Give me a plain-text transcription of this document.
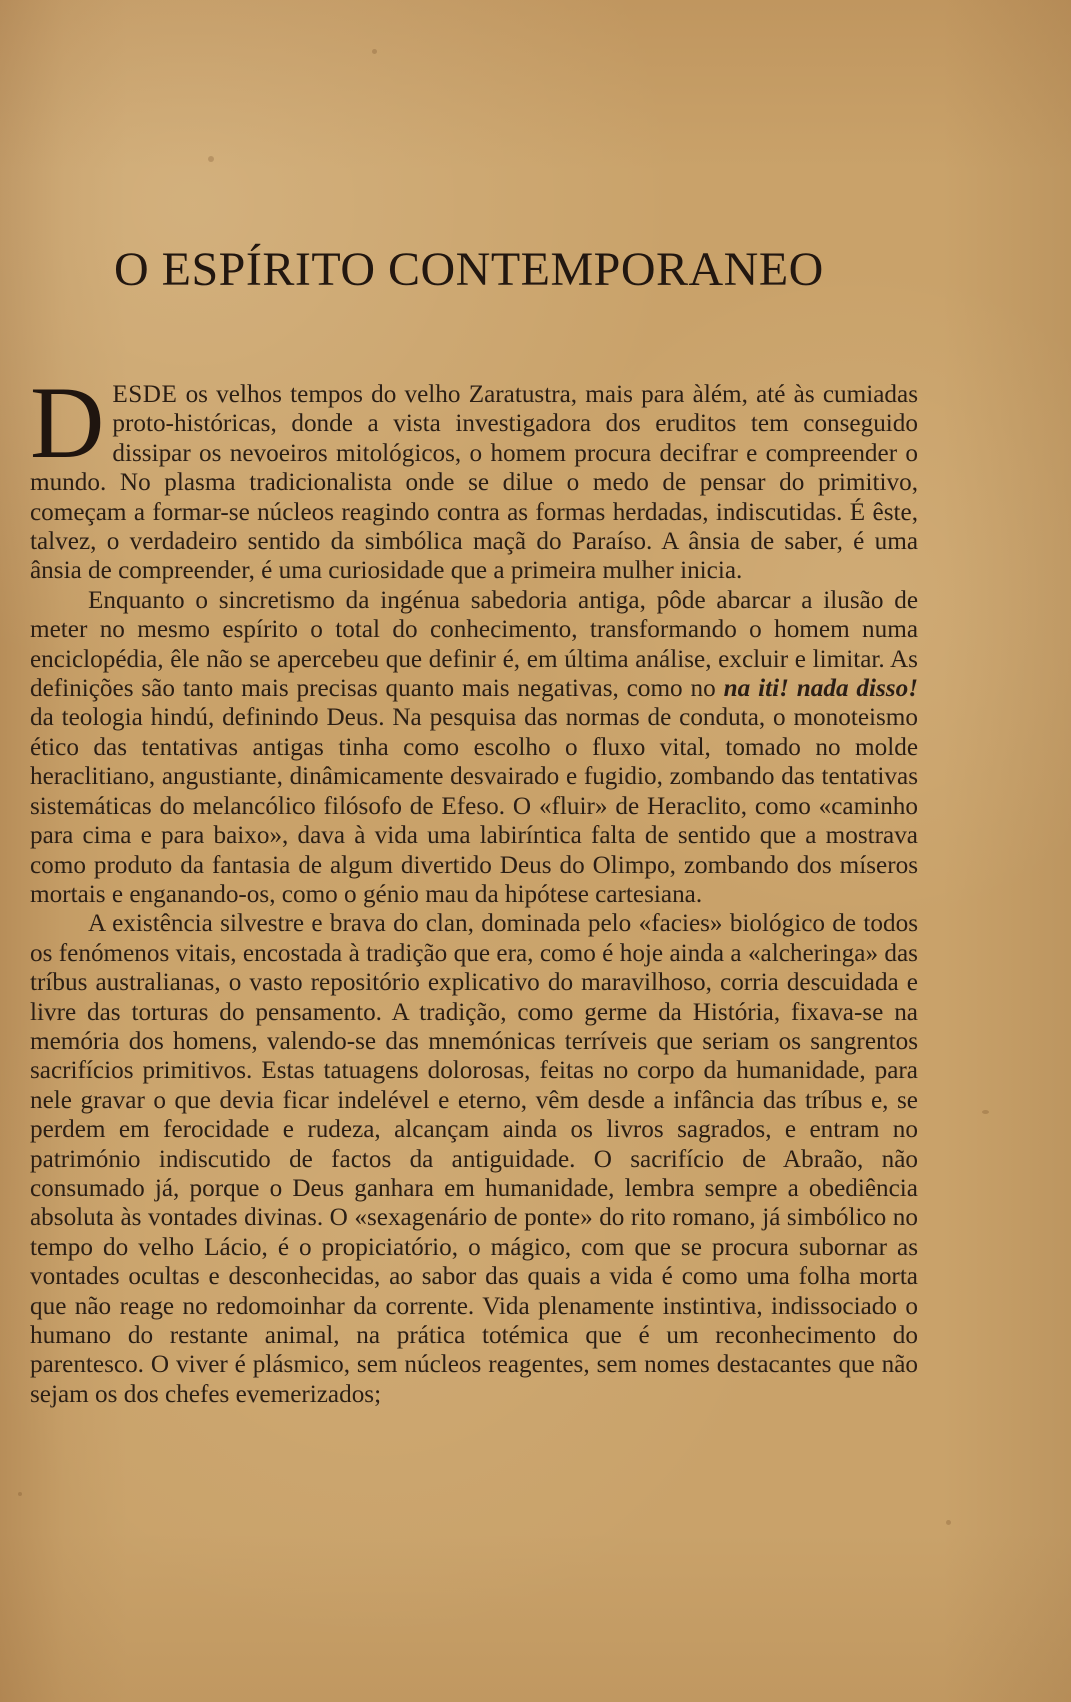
O ESPÍRITO CONTEMPORANEO

DESDE os velhos tempos do velho Zaratustra, mais para àlém, até às cumiadas proto-históricas, donde a vista investigadora dos eruditos tem conseguido dissipar os nevoeiros mitológicos, o homem procura decifrar e compreender o mundo. No plasma tradicionalista onde se dilue o medo de pensar do primitivo, começam a formar-se núcleos reagindo contra as formas herdadas, indiscutidas. É êste, talvez, o verdadeiro sentido da simbólica maçã do Paraíso. A ânsia de saber, é uma ânsia de compreender, é uma curiosidade que a primeira mulher inicia.

Enquanto o sincretismo da ingénua sabedoria antiga, pôde abarcar a ilusão de meter no mesmo espírito o total do conhecimento, transformando o homem numa enciclopédia, êle não se apercebeu que definir é, em última análise, excluir e limitar. As definições são tanto mais precisas quanto mais negativas, como no na iti! nada disso! da teologia hindú, definindo Deus. Na pesquisa das normas de conduta, o monoteismo ético das tentativas antigas tinha como escolho o fluxo vital, tomado no molde heraclitiano, angustiante, dinâmicamente desvairado e fugidio, zombando das tentativas sistemáticas do melancólico filósofo de Efeso. O «fluir» de Heraclito, como «caminho para cima e para baixo», dava à vida uma labiríntica falta de sentido que a mostrava como produto da fantasia de algum divertido Deus do Olimpo, zombando dos míseros mortais e enganando-os, como o génio mau da hipótese cartesiana.

A existência silvestre e brava do clan, dominada pelo «facies» biológico de todos os fenómenos vitais, encostada à tradição que era, como é hoje ainda a «alcheringa» das tríbus australianas, o vasto repositório explicativo do maravilhoso, corria descuidada e livre das torturas do pensamento. A tradição, como germe da História, fixava-se na memória dos homens, valendo-se das mnemónicas terríveis que seriam os sangrentos sacrifícios primitivos. Estas tatuagens dolorosas, feitas no corpo da humanidade, para nele gravar o que devia ficar indelével e eterno, vêm desde a infância das tríbus e, se perdem em ferocidade e rudeza, alcançam ainda os livros sagrados, e entram no património indiscutido de factos da antiguidade. O sacrifício de Abraão, não consumado já, porque o Deus ganhara em humanidade, lembra sempre a obediência absoluta às vontades divinas. O «sexagenário de ponte» do rito romano, já simbólico no tempo do velho Lácio, é o propiciatório, o mágico, com que se procura subornar as vontades ocultas e desconhecidas, ao sabor das quais a vida é como uma folha morta que não reage no redomoinhar da corrente. Vida plenamente instintiva, indissociado o humano do restante animal, na prática totémica que é um reconhecimento do parentesco. O viver é plásmico, sem núcleos reagentes, sem nomes destacantes que não sejam os dos chefes evemerizados;
